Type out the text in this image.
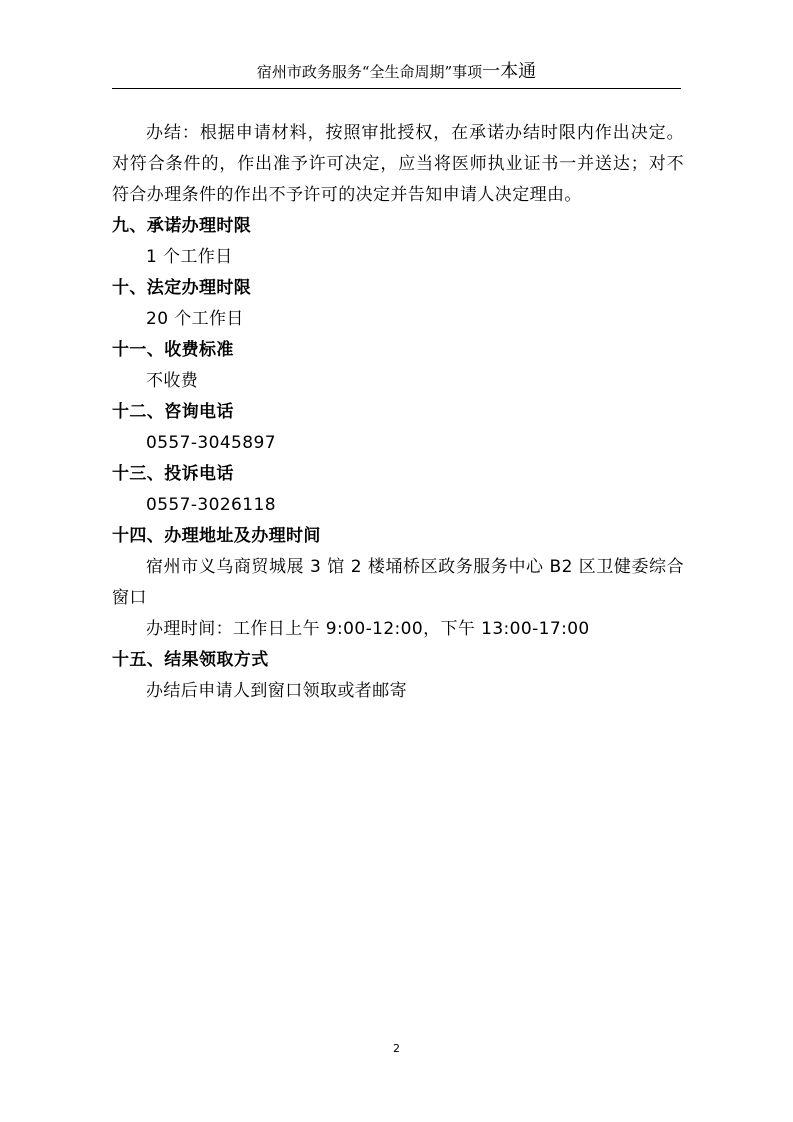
宿州市政务服务“全生命周期”事项一本通
办结：根据申请材料，按照审批授权，在承诺办结时限内作出决定。对符合条件的，作出准予许可决定，应当将医师执业证书一并送达；对不符合办理条件的作出不予许可的决定并告知申请人决定理由。
九、承诺办理时限
1 个工作日
十、法定办理时限
20 个工作日
十一、收费标准
不收费
十二、咨询电话
0557-3045897
十三、投诉电话
0557-3026118
十四、办理地址及办理时间
宿州市义乌商贸城展 3 馆 2 楼埇桥区政务服务中心 B2 区卫健委综合窗口
办理时间：工作日上午 9:00-12:00，下午 13:00-17:00
十五、结果领取方式
办结后申请人到窗口领取或者邮寄
2
